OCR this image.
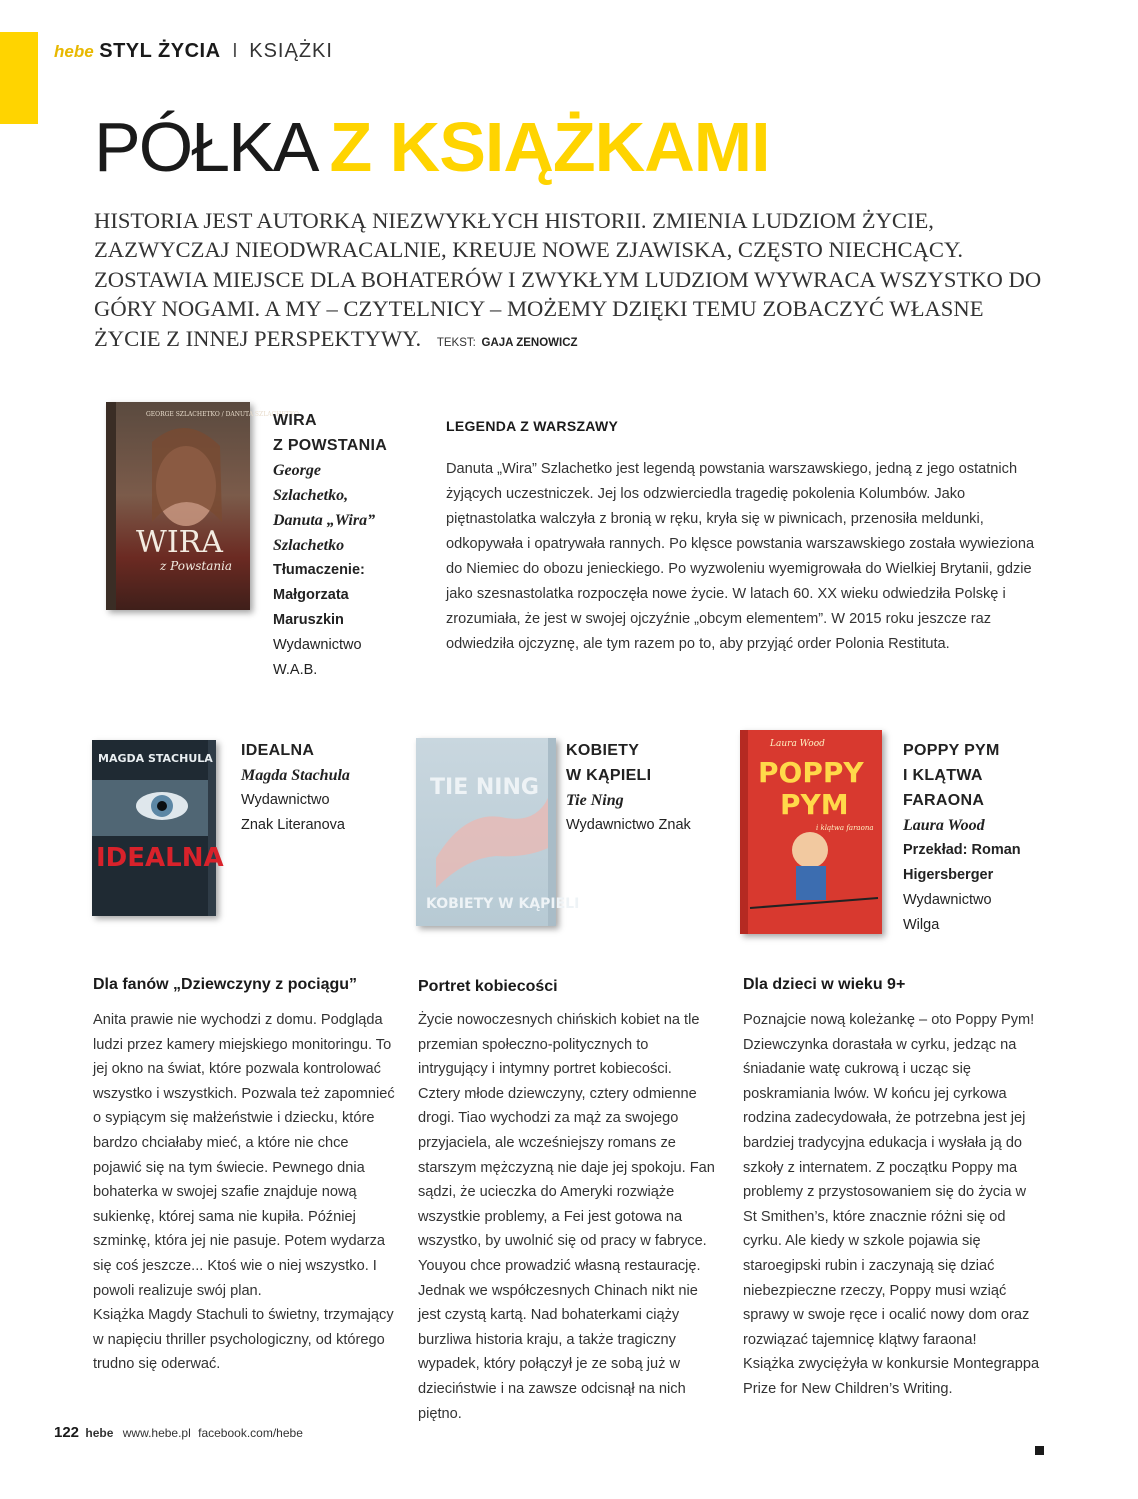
hebe STYL ŻYCIA I KSIĄŻKI
PÓŁKA Z KSIĄŻKAMI
HISTORIA JEST AUTORKĄ NIEZWYKŁYCH HISTORII. ZMIENIA LUDZIOM ŻYCIE, ZAZWYCZAJ NIEODWRACALNIE, KREUJE NOWE ZJAWISKA, CZĘSTO NIECHCĄCY. ZOSTAWIA MIEJSCE DLA BOHATERÓW I ZWYKŁYM LUDZIOM WYWRACA WSZYSTKO DO GÓRY NOGAMI. A MY – CZYTELNICY – MOŻEMY DZIĘKI TEMU ZOBACZYĆ WŁASNE ŻYCIE Z INNEJ PERSPEKTYWY. TEKST: GAJA ZENOWICZ
GEORGE SZLACHETKO / DANUTA SZLACHETKO
WIRA
z Powstania
WIRA
Z POWSTANIA
George
Szlachetko,
Danuta „Wira”
Szlachetko
Tłumaczenie:
Małgorzata
Maruszkin
Wydawnictwo
W.A.B.
LEGENDA Z WARSZAWY
Danuta „Wira” Szlachetko jest legendą powstania warszawskiego, jedną z jego ostatnich żyjących uczestniczek. Jej los odzwierciedla tragedię pokolenia Kolumbów. Jako piętnastolatka walczyła z bronią w ręku, kryła się w piwnicach, przenosiła meldunki, odkopywała i opatrywała rannych. Po klęsce powstania warszawskiego została wywieziona do Niemiec do obozu jenieckiego. Po wyzwoleniu wyemigrowała do Wielkiej Brytanii, gdzie jako szesnastolatka rozpoczęła nowe życie. W latach 60. XX wieku odwiedziła Polskę i zrozumiała, że jest w swojej ojczyźnie „obcym elementem”. W 2015 roku jeszcze raz odwiedziła ojczyznę, ale tym razem po to, aby przyjąć order Polonia Restituta.
MAGDA STACHULA
IDEALNA
IDEALNA
Magda Stachula
Wydawnictwo
Znak Literanova
TIE NING
KOBIETY W KĄPIELI
KOBIETY
W KĄPIELI
Tie Ning
Wydawnictwo Znak
Laura Wood
POPPY
PYM
i klątwa faraona
POPPY PYM
I KLĄTWA
FARAONA
Laura Wood
Przekład: Roman
Higersberger
Wydawnictwo
Wilga
Dla fanów „Dziewczyny z pociągu”
Anita prawie nie wychodzi z domu. Podgląda ludzi przez kamery miejskiego monitoringu. To jej okno na świat, które pozwala kontrolować wszystko i wszystkich. Pozwala też zapomnieć o sypiącym się małżeństwie i dziecku, które bardzo chciałaby mieć, a które nie chce pojawić się na tym świecie. Pewnego dnia bohaterka w swojej szafie znajduje nową sukienkę, której sama nie kupiła. Później szminkę, która jej nie pasuje. Potem wydarza się coś jeszcze... Ktoś wie o niej wszystko. I powoli realizuje swój plan.
Książka Magdy Stachuli to świetny, trzymający w napięciu thriller psychologiczny, od którego trudno się oderwać.
Portret kobiecości
Życie nowoczesnych chińskich kobiet na tle przemian społeczno-politycznych to intrygujący i intymny portret kobiecości. Cztery młode dziewczyny, cztery odmienne drogi. Tiao wychodzi za mąż za swojego przyjaciela, ale wcześniejszy romans ze starszym mężczyzną nie daje jej spokoju. Fan sądzi, że ucieczka do Ameryki rozwiąże wszystkie problemy, a Fei jest gotowa na wszystko, by uwolnić się od pracy w fabryce. Youyou chce prowadzić własną restaurację. Jednak we współczesnych Chinach nikt nie jest czystą kartą. Nad bohaterkami ciąży burzliwa historia kraju, a także tragiczny wypadek, który połączył je ze sobą już w dzieciństwie i na zawsze odcisnął na nich piętno.
Dla dzieci w wieku 9+
Poznajcie nową koleżankę – oto Poppy Pym! Dziewczynka dorastała w cyrku, jedząc na śniadanie watę cukrową i ucząc się poskramiania lwów. W końcu jej cyrkowa rodzina zadecydowała, że potrzebna jest jej bardziej tradycyjna edukacja i wysłała ją do szkoły z internatem. Z początku Poppy ma problemy z przystosowaniem się do życia w St Smithen’s, które znacznie różni się od cyrku. Ale kiedy w szkole pojawia się staroegipski rubin i zaczynają się dziać niebezpieczne rzeczy, Poppy musi wziąć sprawy w swoje ręce i ocalić nowy dom oraz rozwiązać tajemnicę klątwy faraona!
Książka zwyciężyła w konkursie Montegrappa Prize for New Children’s Writing.
122 hebe www.hebe.pl facebook.com/hebe
